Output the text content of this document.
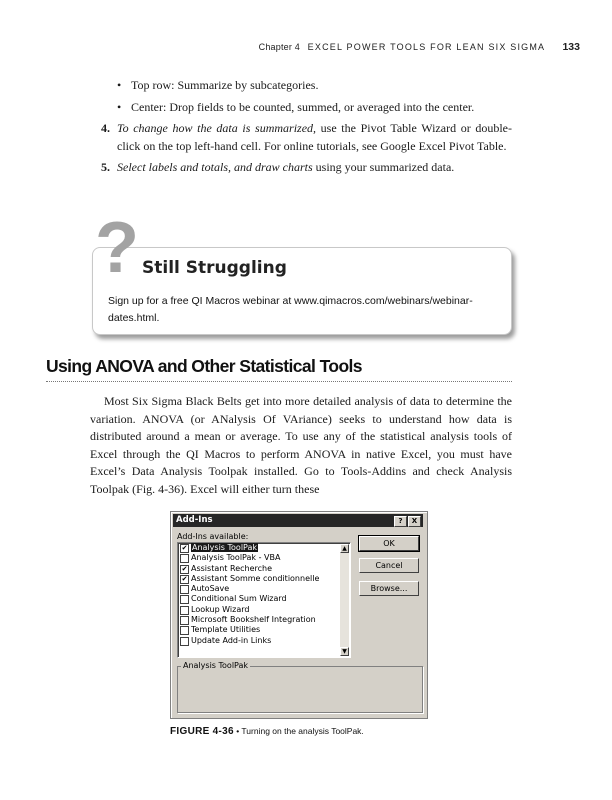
Chapter 4 EXCEL POWER TOOLS FOR LEAN SIX SIGMA 133
• Top row: Summarize by subcategories.
• Center: Drop fields to be counted, summed, or averaged into the center.
4. To change how the data is summarized, use the Pivot Table Wizard or double-click on the top left-hand cell. For online tutorials, see Google Excel Pivot Table.
5. Select labels and totals, and draw charts using your summarized data.
? Still Struggling
Sign up for a free QI Macros webinar at www.qimacros.com/webinars/webinar-dates.html.
Using ANOVA and Other Statistical Tools
Most Six Sigma Black Belts get into more detailed analysis of data to determine the variation. ANOVA (or ANalysis Of VAriance) seeks to understand how data is distributed around a mean or average. To use any of the statistical analysis tools of Excel through the QI Macros to perform ANOVA in native Excel, you must have Excel’s Data Analysis Toolpak installed. Go to Tools-Addins and check Analysis Toolpak (Fig. 4-36). Excel will either turn these
Add-Ins	?	X
Add-Ins available:
✔ Analysis ToolPak
Analysis ToolPak - VBA
✔ Assistant Recherche
✔ Assistant Somme conditionnelle
AutoSave
Conditional Sum Wizard
Lookup Wizard
Microsoft Bookshelf Integration
Template Utilities
Update Add-in Links
▲
▼
OK
Cancel
Browse...
Analysis ToolPak
FIGURE 4-36 • Turning on the analysis ToolPak.
